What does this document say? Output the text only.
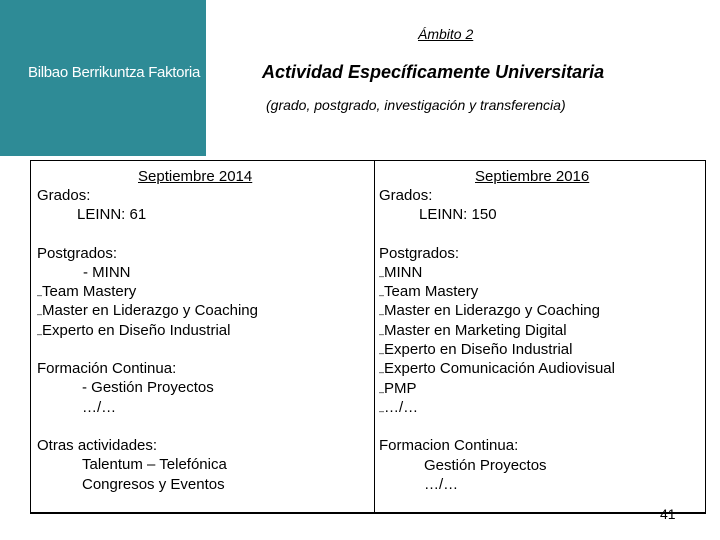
Bilbao Berrikuntza Faktoria
Ámbito 2
Actividad Específicamente Universitaria
(grado, postgrado, investigación y transferencia)
Septiembre 2014
Grados:
LEINN: 61
Postgrados:
- MINN
–Team Mastery
–Master en Liderazgo y Coaching
–Experto en Diseño Industrial
Formación Continua:
- Gestión Proyectos
…/…
Otras actividades:
Talentum – Telefónica
Congresos y Eventos
Septiembre 2016
Grados:
LEINN: 150
Postgrados:
–MINN
–Team Mastery
–Master en Liderazgo y Coaching
–Master en Marketing Digital
–Experto en Diseño Industrial
–Experto Comunicación Audiovisual
–PMP
–…/…
Formacion Continua:
Gestión Proyectos
…/…
41
